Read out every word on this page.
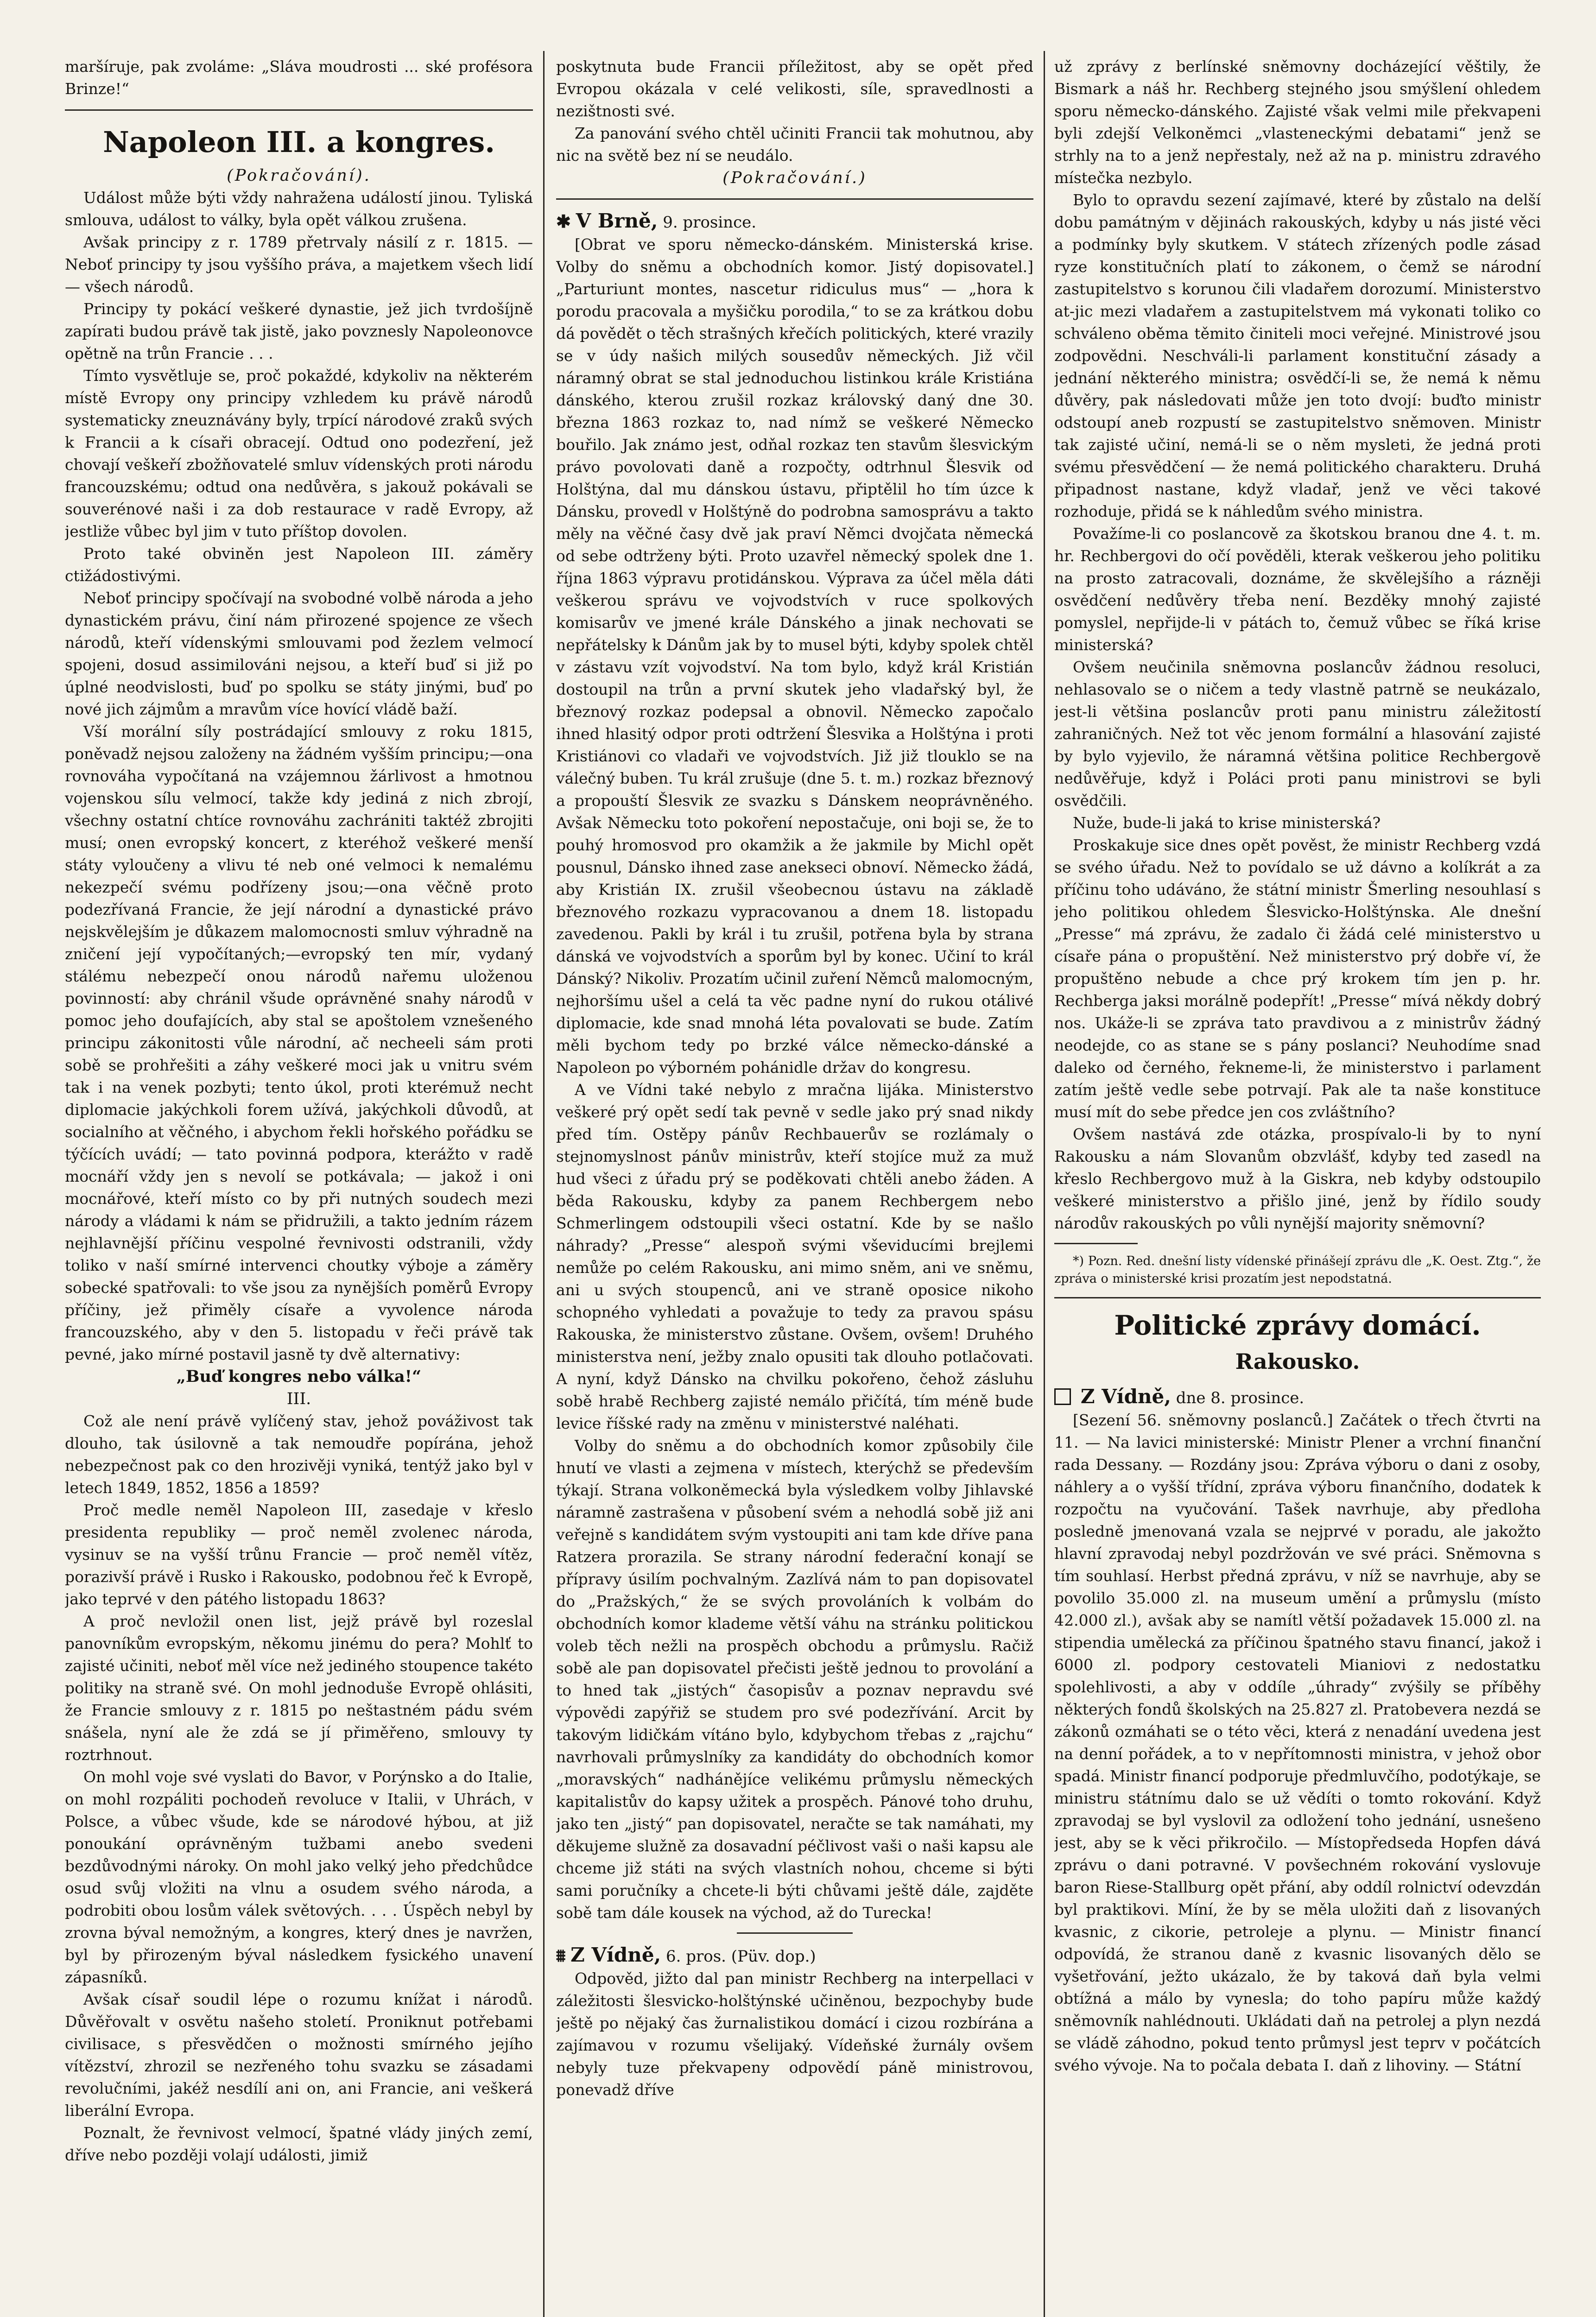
maršíruje, pak zvoláme: „Sláva moudrosti ... ské profésora Brinze!“

Napoleon III. a kongres.

(Pokračování).

Událost může býti vždy nahražena událostí jinou. Tyliská smlouva, událost to války, byla opět válkou zrušena.

Avšak principy z r. 1789 přetrvaly násilí z r. 1815. — Neboť principy ty jsou vyššího práva, a majetkem všech lidí — všech národů.

Principy ty pokácí veškeré dynastie, jež jich tvrdošíjně zapírati budou právě tak jistě, jako povznesly Napoleonovce opětně na trůn Francie . . .

Tímto vysvětluje se, proč pokaždé, kdykoliv na některém místě Evropy ony principy vzhledem ku právě národů systematicky zneuznávány byly, trpící národové zraků svých k Francii a k císaři obracejí. Odtud ono podezření, jež chovají veškeří zbožňovatelé smluv vídenských proti národu francouzskému; odtud ona nedůvěra, s jakouž pokávali se souverénové naši i za dob restaurace v radě Evropy, až jestliže vůbec byl jim v tuto příštop dovolen.

Proto také obviněn jest Napoleon III. záměry ctižádostivými.

Neboť principy spočívají na svobodné volbě národa a jeho dynastickém právu, činí nám přirozené spojence ze všech národů, kteří vídenskými smlouvami pod žezlem velmocí spojeni, dosud assimilováni nejsou, a kteří buď si již po úplné neodvislosti, buď po spolku se státy jinými, buď po nové jich zájmům a mravům více hovící vládě baží.

Vší morální síly postrádající smlouvy z roku 1815, poněvadž nejsou založeny na žádném vyšším principu;—ona rovnováha vypočítaná na vzájemnou žárlivost a hmotnou vojenskou sílu velmocí, takže kdy jediná z nich zbrojí, všechny ostatní chtíce rovnováhu zachrániti taktéž zbrojiti musí; onen evropský koncert, z kteréhož veškeré menší státy vyloučeny a vlivu té neb oné velmoci k nemalému nekezpečí svému podřízeny jsou;—ona věčně proto podezřívaná Francie, že její národní a dynastické právo nejskvělejším je důkazem malomocnosti smluv výhradně na zničení její vypočítaných;—evropský ten mír, vydaný stálému nebezpečí onou národů nařemu uloženou povinností: aby chránil všude oprávněné snahy národů v pomoc jeho doufajících, aby stal se apoštolem vznešeného principu zákonitosti vůle národní, ač necheeli sám proti sobě se prohřešiti a záhy veškeré moci jak u vnitru svém tak i na venek pozbyti; tento úkol, proti kterémuž necht diplomacie jakýchkoli forem užívá, jakýchkoli důvodů, at socialního at věčného, i abychom řekli hořského pořádku se týčících uvádí; — tato povinná podpora, kterážto v radě mocnáří vždy jen s nevolí se potkávala; — jakož i oni mocnářové, kteří místo co by při nutných soudech mezi národy a vládami k nám se přidružili, a takto jedním rázem nejhlavnější příčinu vespolné řevnivosti odstranili, vždy toliko v naší smírné intervenci choutky výboje a záměry sobecké spatřovali: to vše jsou za nynějších poměrů Evropy příčiny, jež přiměly císaře a vyvolence národa francouzského, aby v den 5. listopadu v řeči právě tak pevné, jako mírné postavil jasně ty dvě alternativy:

„Buď kongres nebo válka!“

III.

Což ale není právě vylíčený stav, jehož pováživost tak dlouho, tak úsilovně a tak nemoudře popírána, jehož nebezpečnost pak co den hrozivěji vyniká, tentýž jako byl v letech 1849, 1852, 1856 a 1859?

Proč medle neměl Napoleon III, zasedaje v křeslo presidenta republiky — proč neměl zvolenec národa, vysinuv se na vyšší trůnu Francie — proč neměl vítěz, porazivší právě i Rusko i Rakousko, podobnou řeč k Evropě, jako teprvé v den pátého listopadu 1863?

A proč nevložil onen list, jejž právě byl rozeslal panovníkům evropským, někomu jinému do pera? Mohlť to zajisté učiniti, neboť měl více než jediného stoupence takéto politiky na straně své. On mohl jednoduše Evropě ohlásiti, že Francie smlouvy z r. 1815 po neštastném pádu svém snášela, nyní ale že zdá se jí přiměřeno, smlouvy ty roztrhnout.

On mohl voje své vyslati do Bavor, v Porýnsko a do Italie, on mohl rozpáliti pochodeň revoluce v Italii, v Uhrách, v Polsce, a vůbec všude, kde se národové hýbou, at již ponoukání oprávněným tužbami anebo svedeni bezdůvodnými nároky. On mohl jako velký jeho předchůdce osud svůj vložiti na vlnu a osudem svého národa, a podrobiti obou losům válek světových. . . . Úspěch nebyl by zrovna býval nemožným, a kongres, který dnes je navržen, byl by přirozeným býval následkem fysického unavení zápasníků.

Avšak císař soudil lépe o rozumu knížat i národů. Důvěřovalt v osvětu našeho století. Proniknut potřebami civilisace, s přesvědčen o možnosti smírného jejího vítězství, zhrozil se nezřeného tohu svazku se zásadami revolučními, jakéž nesdílí ani on, ani Francie, ani veškerá liberální Evropa.

Poznalt, že řevnivost velmocí, špatné vlády jiných zemí, dříve nebo později volají události, jimiž

poskytnuta bude Francii příležitost, aby se opět před Evropou okázala v celé velikosti, síle, spravedlnosti a nezištnosti své.

Za panování svého chtěl učiniti Francii tak mohutnou, aby nic na světě bez ní se neudálo.

(Pokračování.)

✱ V Brně, 9. prosince.

[Obrat ve sporu německo-dánském. Ministerská krise. Volby do sněmu a obchodních komor. Jistý dopisovatel.] „Parturiunt montes, nascetur ridiculus mus“ — „hora k porodu pracovala a myšičku porodila,“ to se za krátkou dobu dá povědět o těch strašných křečích politických, které vrazily se v údy našich milých sousedův německých. Již včil náramný obrat se stal jednoduchou listinkou krále Kristiána dánského, kterou zrušil rozkaz královský daný dne 30. března 1863 rozkaz to, nad nímž se veškeré Německo bouřilo. Jak známo jest, odňal rozkaz ten stavům šlesvickým právo povolovati daně a rozpočty, odtrhnul Šlesvik od Holštýna, dal mu dánskou ústavu, připtělil ho tím úzce k Dánsku, provedl v Holštýně do podrobna samosprávu a takto měly na věčné časy dvě jak praví Němci dvojčata německá od sebe odtrženy býti. Proto uzavřel německý spolek dne 1. října 1863 výpravu protidánskou. Výprava za účel měla dáti veškerou správu ve vojvodstvích v ruce spolkových komisarův ve jmené krále Dánského a jinak nechovati se nepřátelsky k Dánům jak by to musel býti, kdyby spolek chtěl v zástavu vzít vojvodství. Na tom bylo, když král Kristián dostoupil na trůn a první skutek jeho vladařský byl, že březnový rozkaz podepsal a obnovil. Německo započalo ihned hlasitý odpor proti odtržení Šlesvika a Holštýna i proti Kristiánovi co vladaři ve vojvodstvích. Již již tlouklo se na válečný buben. Tu král zrušuje (dne 5. t. m.) rozkaz březnový a propouští Šlesvik ze svazku s Dánskem neoprávněného. Avšak Německu toto pokoření nepostačuje, oni boji se, že to pouhý hromosvod pro okamžik a že jakmile by Michl opět pousnul, Dánsko ihned zase anekseci obnoví. Německo žádá, aby Kristián IX. zrušil všeobecnou ústavu na základě březnového rozkazu vypracovanou a dnem 18. listopadu zavedenou. Pakli by král i tu zrušil, potřena byla by strana dánská ve vojvodstvích a sporům byl by konec. Učiní to král Dánský? Nikoliv. Prozatím učinil zuření Němců malomocným, nejhoršímu ušel a celá ta věc padne nyní do rukou otálivé diplomacie, kde snad mnohá léta povalovati se bude. Zatím měli bychom tedy po brzké válce německo-dánské a Napoleon po výborném pohánidle držav do kongresu.

A ve Vídni také nebylo z mračna lijáka. Ministerstvo veškeré prý opět sedí tak pevně v sedle jako prý snad nikdy před tím. Ostěpy pánův Rechbauerův se rozlámaly o stejnomyslnost pánův ministrův, kteří stojíce muž za muž hud všeci z úřadu prý se poděkovati chtěli anebo žáden. A běda Rakousku, kdyby za panem Rechbergem nebo Schmerlingem odstoupili všeci ostatní. Kde by se našlo náhrady? „Presse“ alespoň svými vševiducími brejlemi nemůže po celém Rakousku, ani mimo sněm, ani ve sněmu, ani u svých stoupenců, ani ve straně oposice nikoho schopného vyhledati a považuje to tedy za pravou spásu Rakouska, že ministerstvo zůstane. Ovšem, ovšem! Druhého ministerstva není, ježby znalo opusiti tak dlouho potlačovati. A nyní, když Dánsko na chvilku pokořeno, čehož zásluhu sobě hrabě Rechberg zajisté nemálo přičítá, tím méně bude levice říšské rady na změnu v ministerstvé naléhati.

Volby do sněmu a do obchodních komor způsobily čile hnutí ve vlasti a zejmena v místech, kterýchž se především týkají. Strana volkoněmecká byla výsledkem volby Jihlavské náramně zastrašena v působení svém a nehodlá sobě již ani veřejně s kandidátem svým vystoupiti ani tam kde dříve pana Ratzera prorazila. Se strany národní federační konají se přípravy úsilím pochvalným. Zazlívá nám to pan dopisovatel do „Pražských,“ že se svých provoláních k volbám do obchodních komor klademe větší váhu na stránku politickou voleb těch nežli na prospěch obchodu a průmyslu. Račiž sobě ale pan dopisovatel přečisti ještě jednou to provolání a to hned tak „jistých“ časopisův a poznav nepravdu své výpovědi zapýřiž se studem pro své podezřívání. Arcit by takovým lidičkám vítáno bylo, kdybychom třebas z „rajchu“ navrhovali průmyslníky za kandidáty do obchodních komor „moravských“ nadhánějíce velikému průmyslu německých kapitalistův do kapsy užitek a prospěch. Pánové toho druhu, jako ten „jistý“ pan dopisovatel, neračte se tak namáhati, my děkujeme služně za dosavadní péčlivost vaši o naši kapsu ale chceme již státi na svých vlastních nohou, chceme si býti sami poručníky a chcete-li býti chůvami ještě dále, zajděte sobě tam dále kousek na východ, až do Turecka!

⩩ Z Vídně, 6. pros. (Püv. dop.)

Odpověd, jižto dal pan ministr Rechberg na interpellaci v záležitosti šlesvicko-holštýnské učiněnou, bezpochyby bude ještě po nějaký čas žurnalistikou domácí i cizou rozbírána a zajímavou v rozumu všelijaký. Vídeňské žurnály ovšem nebyly tuze překvapeny odpovědí páně ministrovou, ponevadž dříve

už zprávy z berlínské sněmovny docházející věštily, že Bismark a náš hr. Rechberg stejného jsou smýšlení ohledem sporu německo-dánského. Zajisté však velmi mile překvapeni byli zdejší Velkoněmci „vlasteneckými debatami“ jenž se strhly na to a jenž nepřestaly, než až na p. ministru zdravého místečka nezbylo.

Bylo to opravdu sezení zajímavé, které by zůstalo na delší dobu památným v dějinách rakouských, kdyby u nás jisté věci a podmínky byly skutkem. V státech zřízených podle zásad ryze konstitučních platí to zákonem, o čemž se národní zastupitelstvo s korunou čili vladařem dorozumí. Ministerstvo at-jic mezi vladařem a zastupitelstvem má vykonati toliko co schváleno oběma těmito činiteli moci veřejné. Ministrové jsou zodpovědni. Neschváli-li parlament konstituční zásady a jednání některého ministra; osvědčí-li se, že nemá k němu důvěry, pak následovati může jen toto dvojí: buďto ministr odstoupí aneb rozpustí se zastupitelstvo sněmoven. Ministr tak zajisté učiní, nemá-li se o něm mysleti, že jedná proti svému přesvědčení — že nemá politického charakteru. Druhá připadnost nastane, když vladař, jenž ve věci takové rozhoduje, přidá se k náhledům svého ministra.

Považíme-li co poslancově za škotskou branou dne 4. t. m. hr. Rechbergovi do očí pověděli, kterak veškerou jeho politiku na prosto zatracovali, doznáme, že skvělejšího a rázněji osvědčení nedůvěry třeba není. Bezděky mnohý zajisté pomyslel, nepřijde-li v pátách to, čemuž vůbec se říká krise ministerská?

Ovšem neučinila sněmovna poslancův žádnou resoluci, nehlasovalo se o ničem a tedy vlastně patrně se neukázalo, jest-li většina poslancův proti panu ministru záležitostí zahraničných. Než tot věc jenom formální a hlasování zajisté by bylo vyjevilo, že náramná většina politice Rechbergově nedůvěřuje, když i Poláci proti panu ministrovi se byli osvědčili.

Nuže, bude-li jaká to krise ministerská?

Proskakuje sice dnes opět pověst, že ministr Rechberg vzdá se svého úřadu. Než to povídalo se už dávno a kolíkrát a za příčinu toho udáváno, že státní ministr Šmerling nesouhlasí s jeho politikou ohledem Šlesvicko-Holštýnska. Ale dnešní „Presse“ má zprávu, že zadalo či žádá celé ministerstvo u císaře pána o propuštění. Než ministerstvo prý dobře ví, že propuštěno nebude a chce prý krokem tím jen p. hr. Rechberga jaksi morálně podepřít! „Presse“ mívá někdy dobrý nos. Ukáže-li se zpráva tato pravdivou a z ministrův žádný neodejde, co as stane se s pány poslanci? Neuhodíme snad daleko od černého, řekneme-li, že ministerstvo i parlament zatím ještě vedle sebe potrvají. Pak ale ta naše konstituce musí mít do sebe předce jen cos zvláštního?

Ovšem nastává zde otázka, prospívalo-li by to nyní Rakousku a nám Slovanům obzvlášť, kdyby ted zasedl na křeslo Rechbergovo muž à la Giskra, neb kdyby odstoupilo veškeré ministerstvo a přišlo jiné, jenž by řídilo soudy národův rakouských po vůli nynější majority sněmovní?

*) Pozn. Red. dnešní listy vídenské přinášejí zprávu dle „K. Oest. Ztg.“, že zpráva o ministerské krisi prozatím jest nepodstatná.

Politické zprávy domácí.
Rakousko.

Z Vídně, dne 8. prosince.

[Sezení 56. sněmovny poslanců.] Začátek o třech čtvrti na 11. — Na lavici ministerské: Ministr Plener a vrchní finanční rada Dessany. — Rozdány jsou: Zpráva výboru o dani z osoby, náhlery a o vyšší třídní, zpráva výboru finančního, dodatek k rozpočtu na vyučování. Tašek navrhuje, aby předloha posledně jmenovaná vzala se nejprvé v poradu, ale jakožto hlavní zpravodaj nebyl pozdržován ve své práci. Sněmovna s tím souhlasí. Herbst předná zprávu, v níž se navrhuje, aby se povolilo 35.000 zl. na museum umění a průmyslu (místo 42.000 zl.), avšak aby se namítl větší požadavek 15.000 zl. na stipendia umělecká za příčinou špatného stavu financí, jakož i 6000 zl. podpory cestovateli Mianiovi z nedostatku spolehlivosti, a aby v oddíle „úhrady“ zvýšily se příběhy některých fondů školských na 25.827 zl. Pratobevera nezdá se zákonů ozmáhati se o této věci, která z nenadání uvedena jest na denní pořádek, a to v nepřítomnosti ministra, v jehož obor spadá. Ministr financí podporuje předmluvčího, podotýkaje, se ministru státnímu dalo se už vědíti o tomto rokování. Když zpravodaj se byl vyslovil za odložení toho jednání, usnešeno jest, aby se k věci přikročilo. — Místopředseda Hopfen dává zprávu o dani potravné. V povšechném rokování vyslovuje baron Riese-Stallburg opět přání, aby oddíl rolnictví odevzdán byl praktikovi. Míní, že by se měla uložiti daň z lisovaných kvasnic, z cikorie, petroleje a plynu. — Ministr financí odpovídá, že stranou daně z kvasnic lisovaných dělo se vyšetřování, ježto ukázalo, že by taková daň byla velmi obtížná a málo by vynesla; do toho papíru může každý sněmovník nahlédnouti. Ukládati daň na petrolej a plyn nezdá se vládě záhodno, pokud tento průmysl jest teprv v počátcích svého vývoje. Na to počala debata I. daň z lihoviny. — Státní
